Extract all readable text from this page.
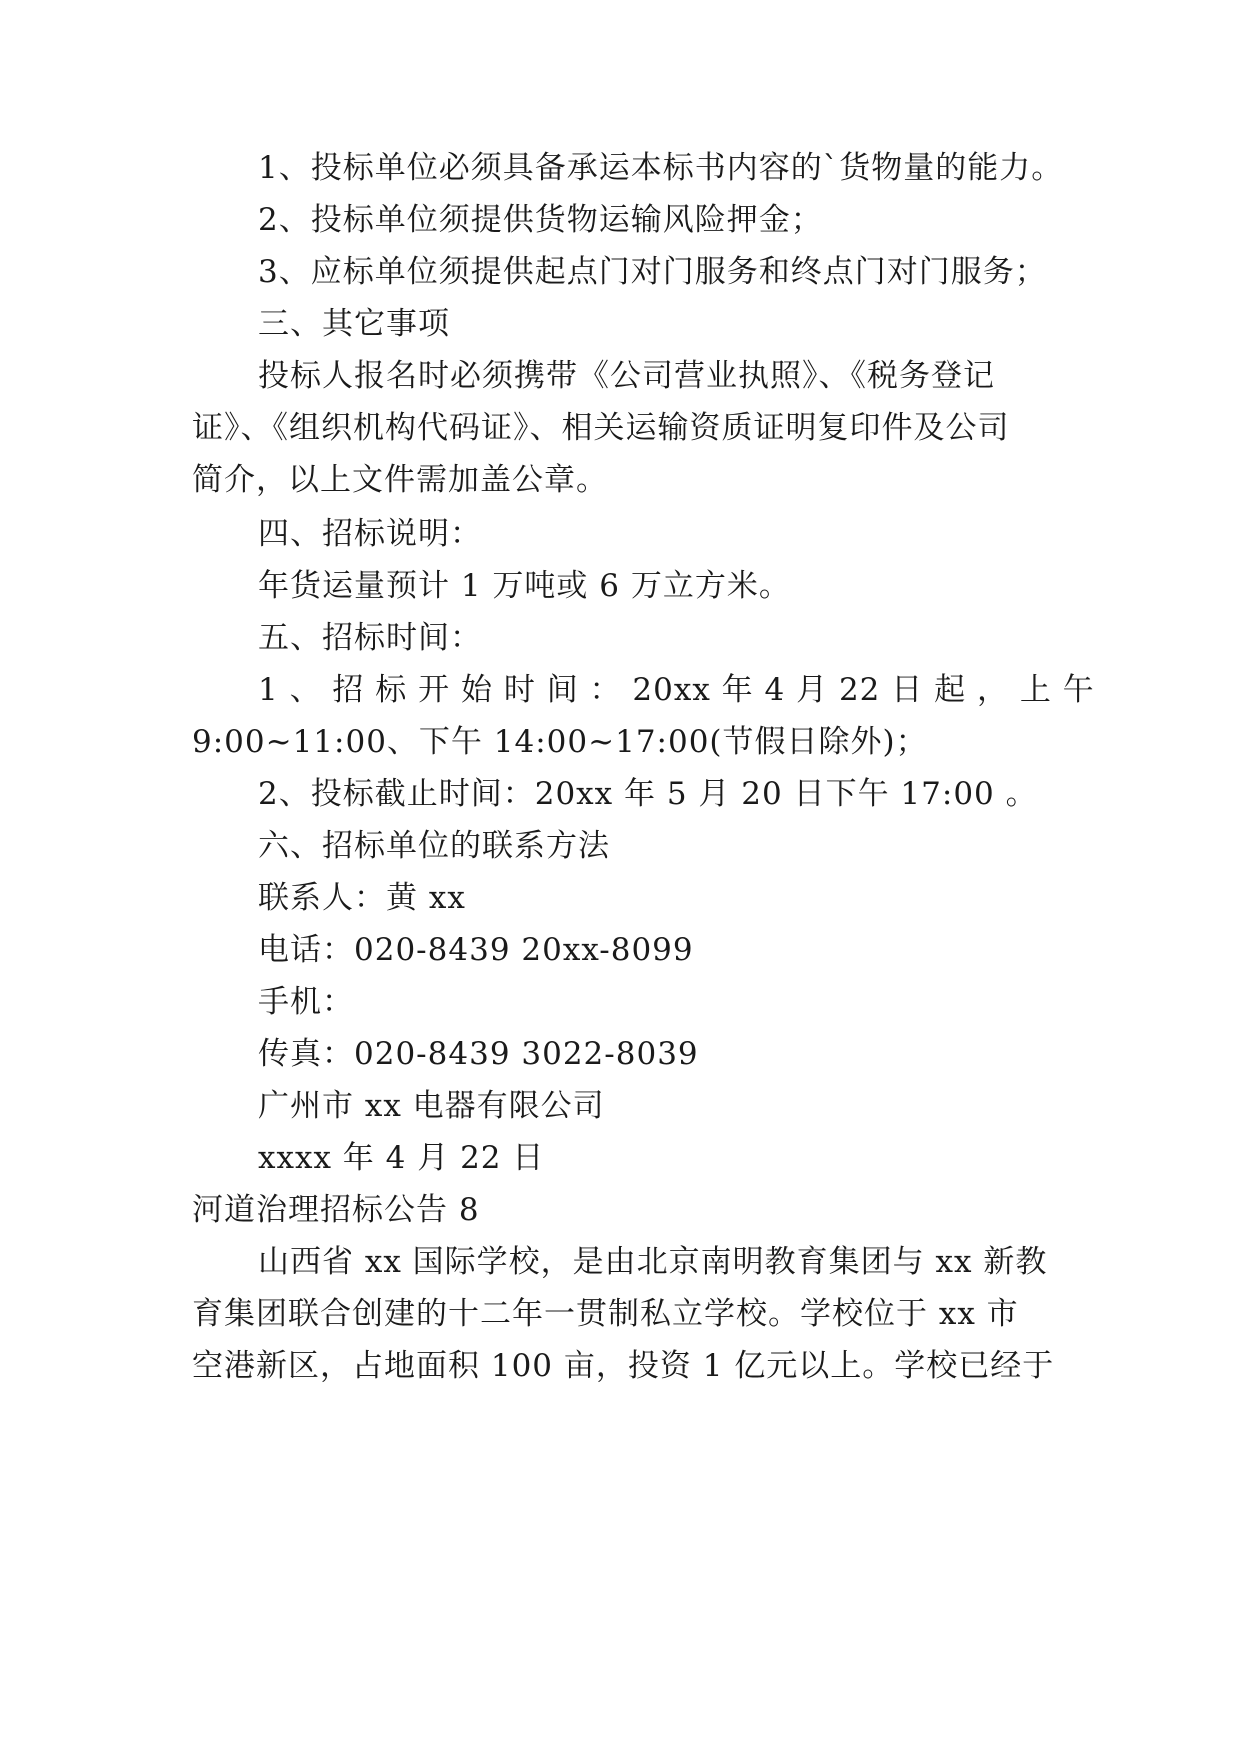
1、投标单位必须具备承运本标书内容的`货物量的能力。
2、投标单位须提供货物运输风险押金；
3、应标单位须提供起点门对门服务和终点门对门服务；
三、其它事项
投标人报名时必须携带《公司营业执照》、《税务登记
证》、《组织机构代码证》、相关运输资质证明复印件及公司
简介，以上文件需加盖公章。
四、招标说明：
年货运量预计 1 万吨或 6 万立方米。
五、招标时间：
1 、 招 标 开 始 时 间 ： 20xx 年 4 月 22 日 起 ， 上 午
9:00~11:00、下午 14:00~17:00(节假日除外)；
2、投标截止时间：20xx 年 5 月 20 日下午 17:00 。
六、招标单位的联系方法
联系人：黄 xx
电话：020-8439 20xx-8099
手机：
传真：020-8439 3022-8039
广州市 xx 电器有限公司
xxxx 年 4 月 22 日
河道治理招标公告 8
山西省 xx 国际学校，是由北京南明教育集团与 xx 新教
育集团联合创建的十二年一贯制私立学校。学校位于 xx 市
空港新区，占地面积 100 亩，投资 1 亿元以上。学校已经于
